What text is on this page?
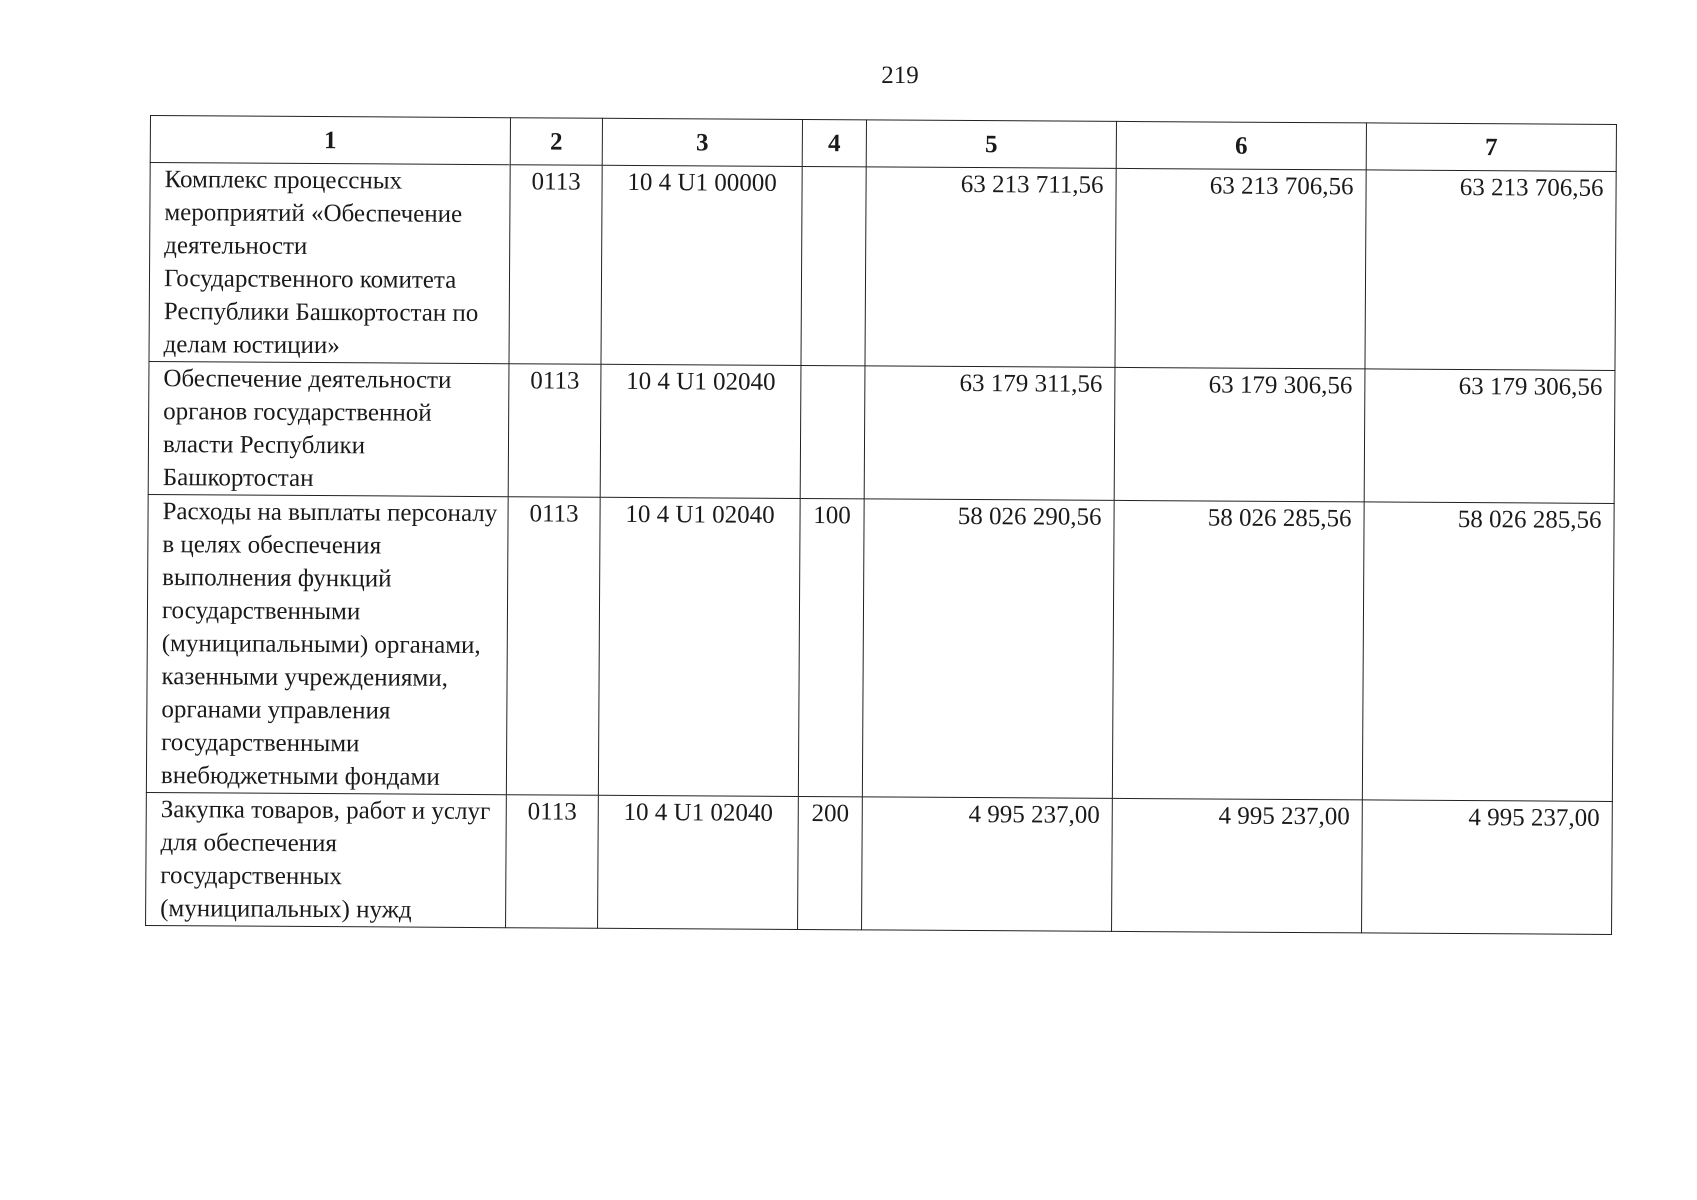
219
1	2	3	4	5	6	7
Комплекс процессных мероприятий «Обеспечение деятельности Государственного комитета Республики Башкортостан по делам юстиции»	0113	10 4 U1 00000		63 213 711,56	63 213 706,56	63 213 706,56
Обеспечение деятельности органов государственной власти Республики Башкортостан	0113	10 4 U1 02040		63 179 311,56	63 179 306,56	63 179 306,56
Расходы на выплаты персоналу в целях обеспечения выполнения функций государственными (муниципальными) органами, казенными учреждениями, органами управления государственными внебюджетными фондами	0113	10 4 U1 02040	100	58 026 290,56	58 026 285,56	58 026 285,56
Закупка товаров, работ и услуг для обеспечения государственных (муниципальных) нужд	0113	10 4 U1 02040	200	4 995 237,00	4 995 237,00	4 995 237,00
